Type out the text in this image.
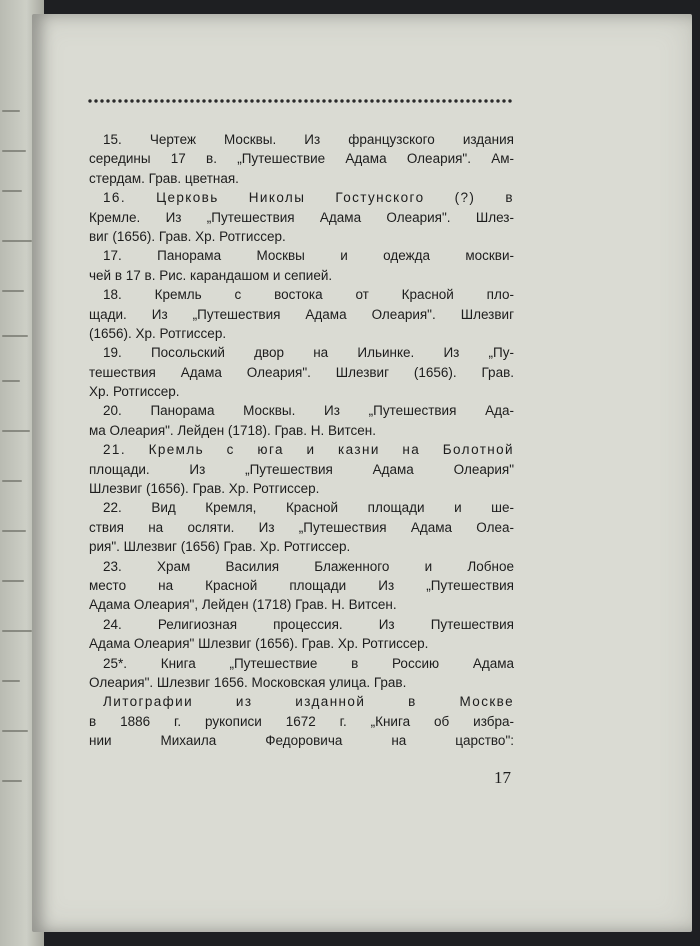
15. Чертеж Москвы. Из французского издания
середины 17 в. „Путешествие Адама Олеария". Ам-
стердам. Грав. цветная.
16. Церковь Николы Гостунского (?) в
Кремле. Из „Путешествия Адама Олеария". Шлез-
виг (1656). Грав. Хр. Ротгиссер.
17. Панорама Москвы и одежда москви-
чей в 17 в. Рис. карандашом и сепией.
18. Кремль с востока от Красной пло-
щади. Из „Путешествия Адама Олеария". Шлезвиг
(1656). Хр. Ротгиссер.
19. Посольский двор на Ильинке. Из „Пу-
тешествия Адама Олеария". Шлезвиг (1656). Грав.
Хр. Ротгиссер.
20. Панорама Москвы. Из „Путешествия Ада-
ма Олеария". Лейден (1718). Грав. Н. Витсен.
21. Кремль с юга и казни на Болотной
площади. Из „Путешествия Адама Олеария"
Шлезвиг (1656). Грав. Хр. Ротгиссер.
22. Вид Кремля, Красной площади и ше-
ствия на осляти. Из „Путешествия Адама Олеа-
рия". Шлезвиг (1656) Грав. Хр. Ротгиссер.
23. Храм Василия Блаженного и Лобное
место на Красной площади Из „Путешествия
Адама Олеария", Лейден (1718) Грав. Н. Витсен.
24. Религиозная процессия. Из Путешествия
Адама Олеария" Шлезвиг (1656). Грав. Хр. Ротгиссер.
25*. Книга „Путешествие в Россию Адама
Олеария". Шлезвиг 1656. Московская улица. Грав.
Литографии из изданной в Москве
в 1886 г. рукописи 1672 г. „Книга об избра-
нии Михаила Федоровича на царство":
17
